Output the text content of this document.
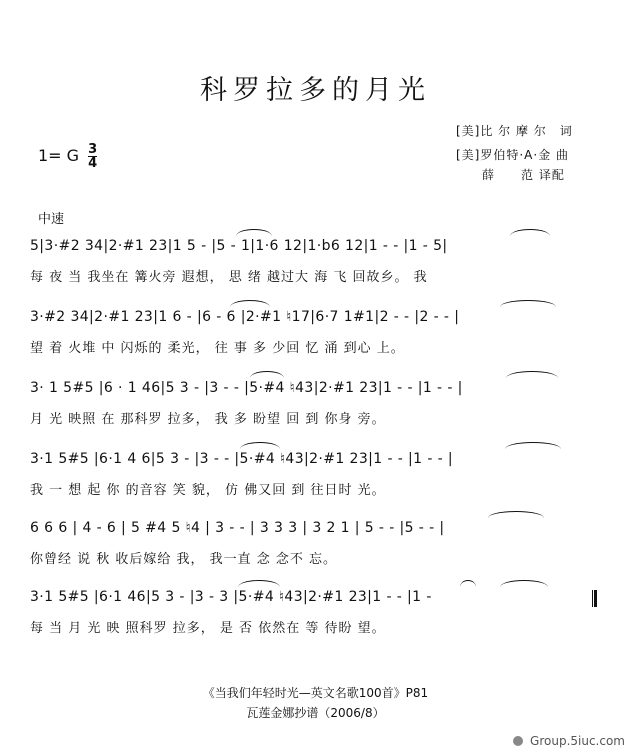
科罗拉多的月光
[美]比 尔 摩 尔　词
[美]罗伯特·A·金 曲
薛　　范 译配
1= G $\frac{3}{4}$
中速
5|3·#2 34|2·#1 23|1 5 - |5 - 1|1·6 12|1·b6 12|1 - - |1 - 5|
每 夜 当 我坐在 篝火旁 遐想， 思 绪 越过大 海 飞 回故乡。 我
3·#2 34|2·#1 23|1 6 - |6 - 6 |2·#1 ♮17|6·7 1#1|2 - - |2 - - |
望 着 火堆 中 闪烁的 柔光， 往 事 多 少回 忆 涌 到心 上。
3· 1 5#5 |6 · 1 46|5 3 - |3 - - |5·#4 ♮43|2·#1 23|1 - - |1 - - |
月 光 映照 在 那科罗 拉多， 我 多 盼望 回 到 你身 旁。
3·1 5#5 |6·1 4 6|5 3 - |3 - - |5·#4 ♮43|2·#1 23|1 - - |1 - - |
我 一 想 起 你 的音容 笑 貌， 仿 佛又回 到 往日时 光。
6 6 6 | 4 - 6 | 5 #4 5 ♮4 | 3 - - | 3 3 3 | 3 2 1 | 5 - - |5 - - |
你曾经 说 秋 收后嫁给 我， 我一直 念 念不 忘。
3·1 5#5 |6·1 46|5 3 - |3 - 3 |5·#4 ♮43|2·#1 23|1 - - |1 -
每 当 月 光 映 照科罗 拉多， 是 否 依然在 等 待盼 望。
《当我们年轻时光—英文名歌100首》P81
瓦莲金娜抄谱（2006/8）
Group.5iuc.com
